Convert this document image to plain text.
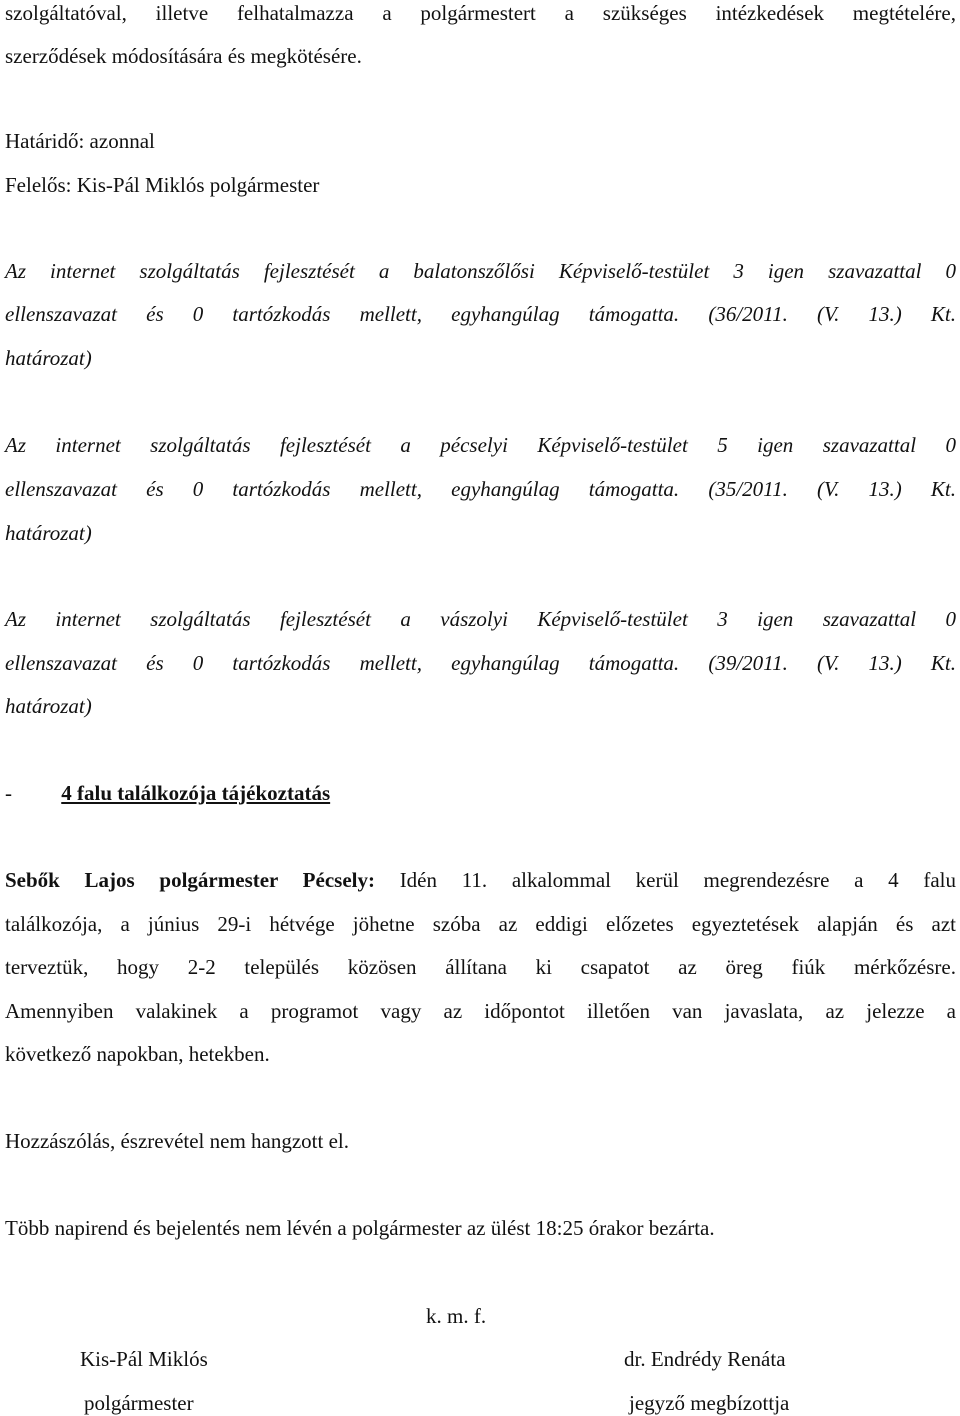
szolgáltatóval, illetve felhatalmazza a polgármestert a szükséges intézkedések megtételére,
szerződések módosítására és megkötésére.
Határidő: azonnal
Felelős: Kis-Pál Miklós polgármester
Az internet szolgáltatás fejlesztését a balatonszőlősi Képviselő-testület 3 igen szavazattal 0
ellenszavazat és 0 tartózkodás mellett, egyhangúlag támogatta. (36/2011. (V. 13.) Kt.
határozat)
Az internet szolgáltatás fejlesztését a pécselyi Képviselő-testület 5 igen szavazattal 0
ellenszavazat és 0 tartózkodás mellett, egyhangúlag támogatta. (35/2011. (V. 13.) Kt.
határozat)
Az internet szolgáltatás fejlesztését a vászolyi Képviselő-testület 3 igen szavazattal 0
ellenszavazat és 0 tartózkodás mellett, egyhangúlag támogatta. (39/2011. (V. 13.) Kt.
határozat)
- 4 falu találkozója tájékoztatás
Sebők Lajos polgármester Pécsely: Idén 11. alkalommal kerül megrendezésre a 4 falu
találkozója, a június 29-i hétvége jöhetne szóba az eddigi előzetes egyeztetések alapján és azt
terveztük, hogy 2-2 település közösen állítana ki csapatot az öreg fiúk mérkőzésre.
Amennyiben valakinek a programot vagy az időpontot illetően van javaslata, az jelezze a
következő napokban, hetekben.
Hozzászólás, észrevétel nem hangzott el.
Több napirend és bejelentés nem lévén a polgármester az ülést 18:25 órakor bezárta.
k. m. f.
Kis-Pál Miklós
polgármester
dr. Endrédy Renáta
jegyző megbízottja
